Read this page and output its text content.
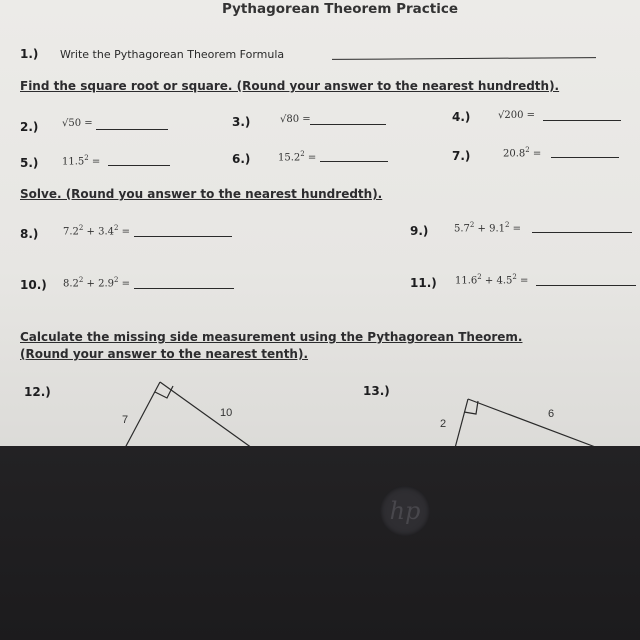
Pythagorean Theorem Practice
1.) Write the Pythagorean Theorem Formula
Find the square root or square. (Round your answer to the nearest hundredth).
2.) √50 =	3.)	√80 =	4.)	√200 =
5.) $11.5^2$ =	6.)	$15.2^2$ =	7.)	$20.8^2$ =
Solve. (Round you answer to the nearest hundredth).
8.) $7.2^2 + 3.4^2$ =	9.)	$5.7^2 + 9.1^2$ =
10.) $8.2^2 + 2.9^2$ =	11.) $11.6^2 + 4.5^2$ =
Calculate the missing side measurement using the Pythagorean Theorem.
(Round your answer to the nearest tenth).
12.)
7
10
13.)
2
6
hp
